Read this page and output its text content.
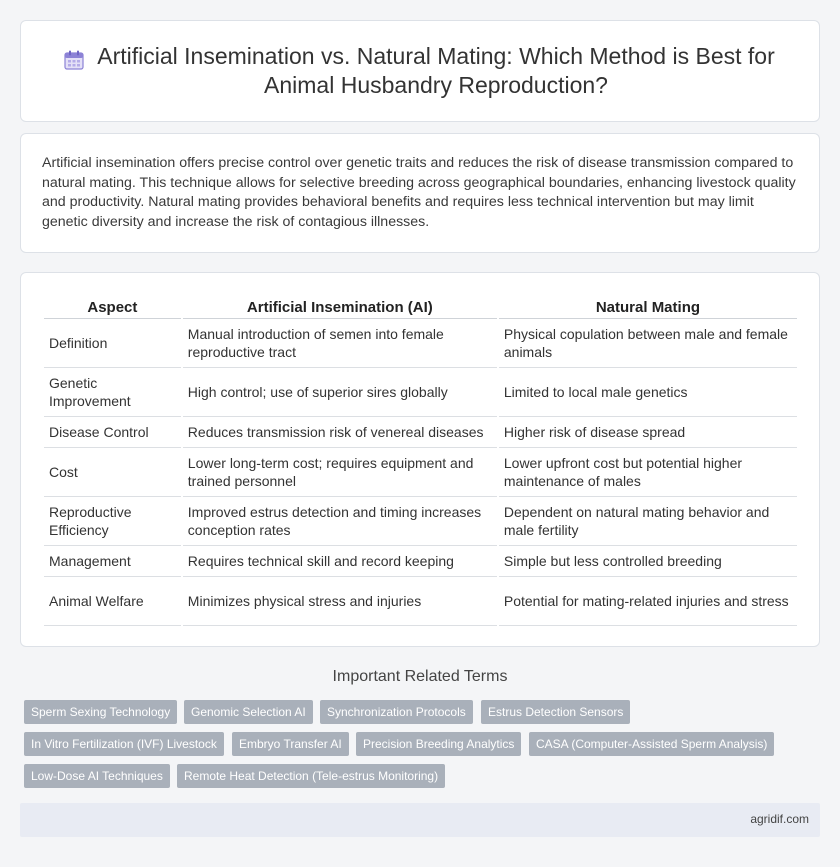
Artificial Insemination vs. Natural Mating: Which Method is Best for Animal Husbandry Reproduction?

Artificial insemination offers precise control over genetic traits and reduces the risk of disease transmission compared to natural mating. This technique allows for selective breeding across geographical boundaries, enhancing livestock quality and productivity. Natural mating provides behavioral benefits and requires less technical intervention but may limit genetic diversity and increase the risk of contagious illnesses.

Aspect	Artificial Insemination (AI)	Natural Mating
Definition	Manual introduction of semen into female reproductive tract	Physical copulation between male and female animals
Genetic Improvement	High control; use of superior sires globally	Limited to local male genetics
Disease Control	Reduces transmission risk of venereal diseases	Higher risk of disease spread
Cost	Lower long-term cost; requires equipment and trained personnel	Lower upfront cost but potential higher maintenance of males
Reproductive Efficiency	Improved estrus detection and timing increases conception rates	Dependent on natural mating behavior and male fertility
Management	Requires technical skill and record keeping	Simple but less controlled breeding
Animal Welfare	Minimizes physical stress and injuries	Potential for mating-related injuries and stress
Important Related Terms
Sperm Sexing Technology	Genomic Selection AI	Synchronization Protocols	Estrus Detection Sensors
In Vitro Fertilization (IVF) Livestock	Embryo Transfer AI	Precision Breeding Analytics	CASA (Computer-Assisted Sperm Analysis)
Low-Dose AI Techniques	Remote Heat Detection (Tele-estrus Monitoring)
agridif.com
